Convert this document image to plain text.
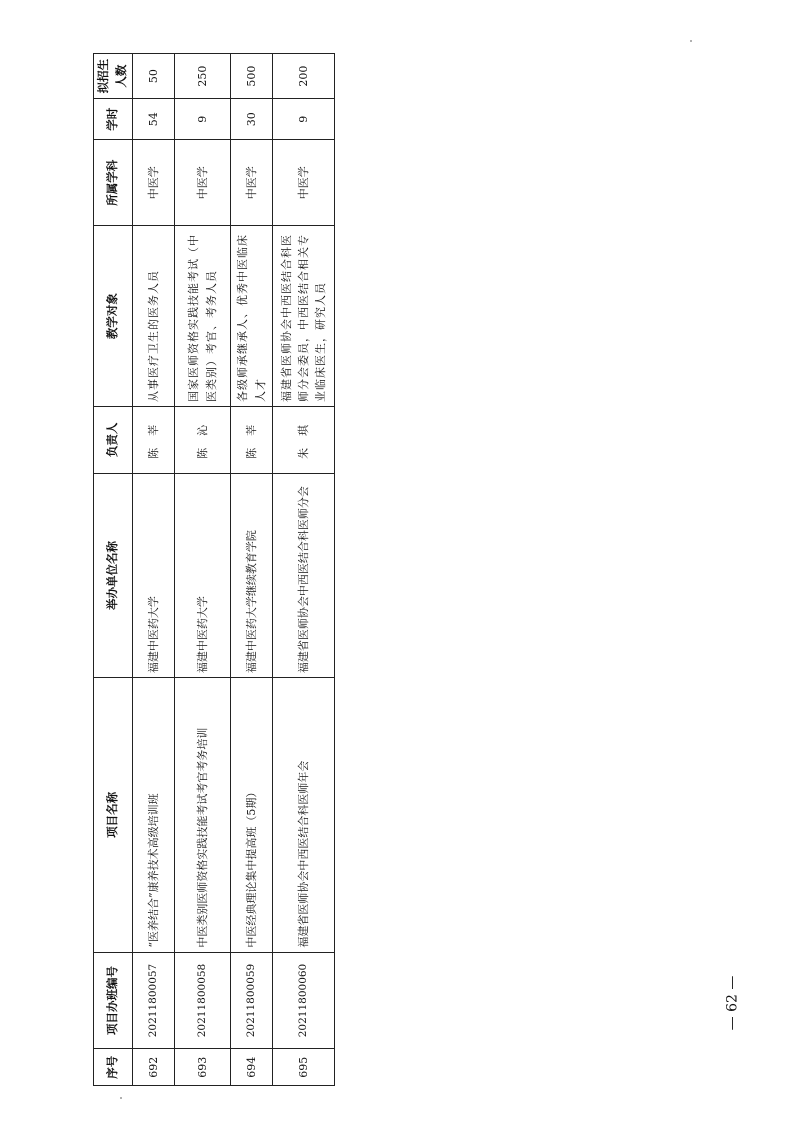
序号	项目办班编号	项目名称	举办单位名称	负责人	教学对象	所属学科	学时	拟招生人数
692	20211800057	“医养结合”康养技术高级培训班	福建中医药大学	陈莘	从事医疗卫生的医务人员	中医学	54	50
693	20211800058	中医类别医师资格实践技能考试考官考务培训	福建中医药大学	陈沁	国家医师资格实践技能考试（中医类别）考官、考务人员	中医学	9	250
694	20211800059	中医经典理论集中提高班（5期）	福建中医药大学继续教育学院	陈莘	各级师承继承人、优秀中医临床人才	中医学	30	500
695	20211800060	福建省医师协会中西医结合科医师年会	福建省医师协会中西医结合科医师分会	朱琪	福建省医师协会中西医结合科医师分会委员，中西医结合相关专业临床医生，研究人员	中医学	9	200
— 62 —
